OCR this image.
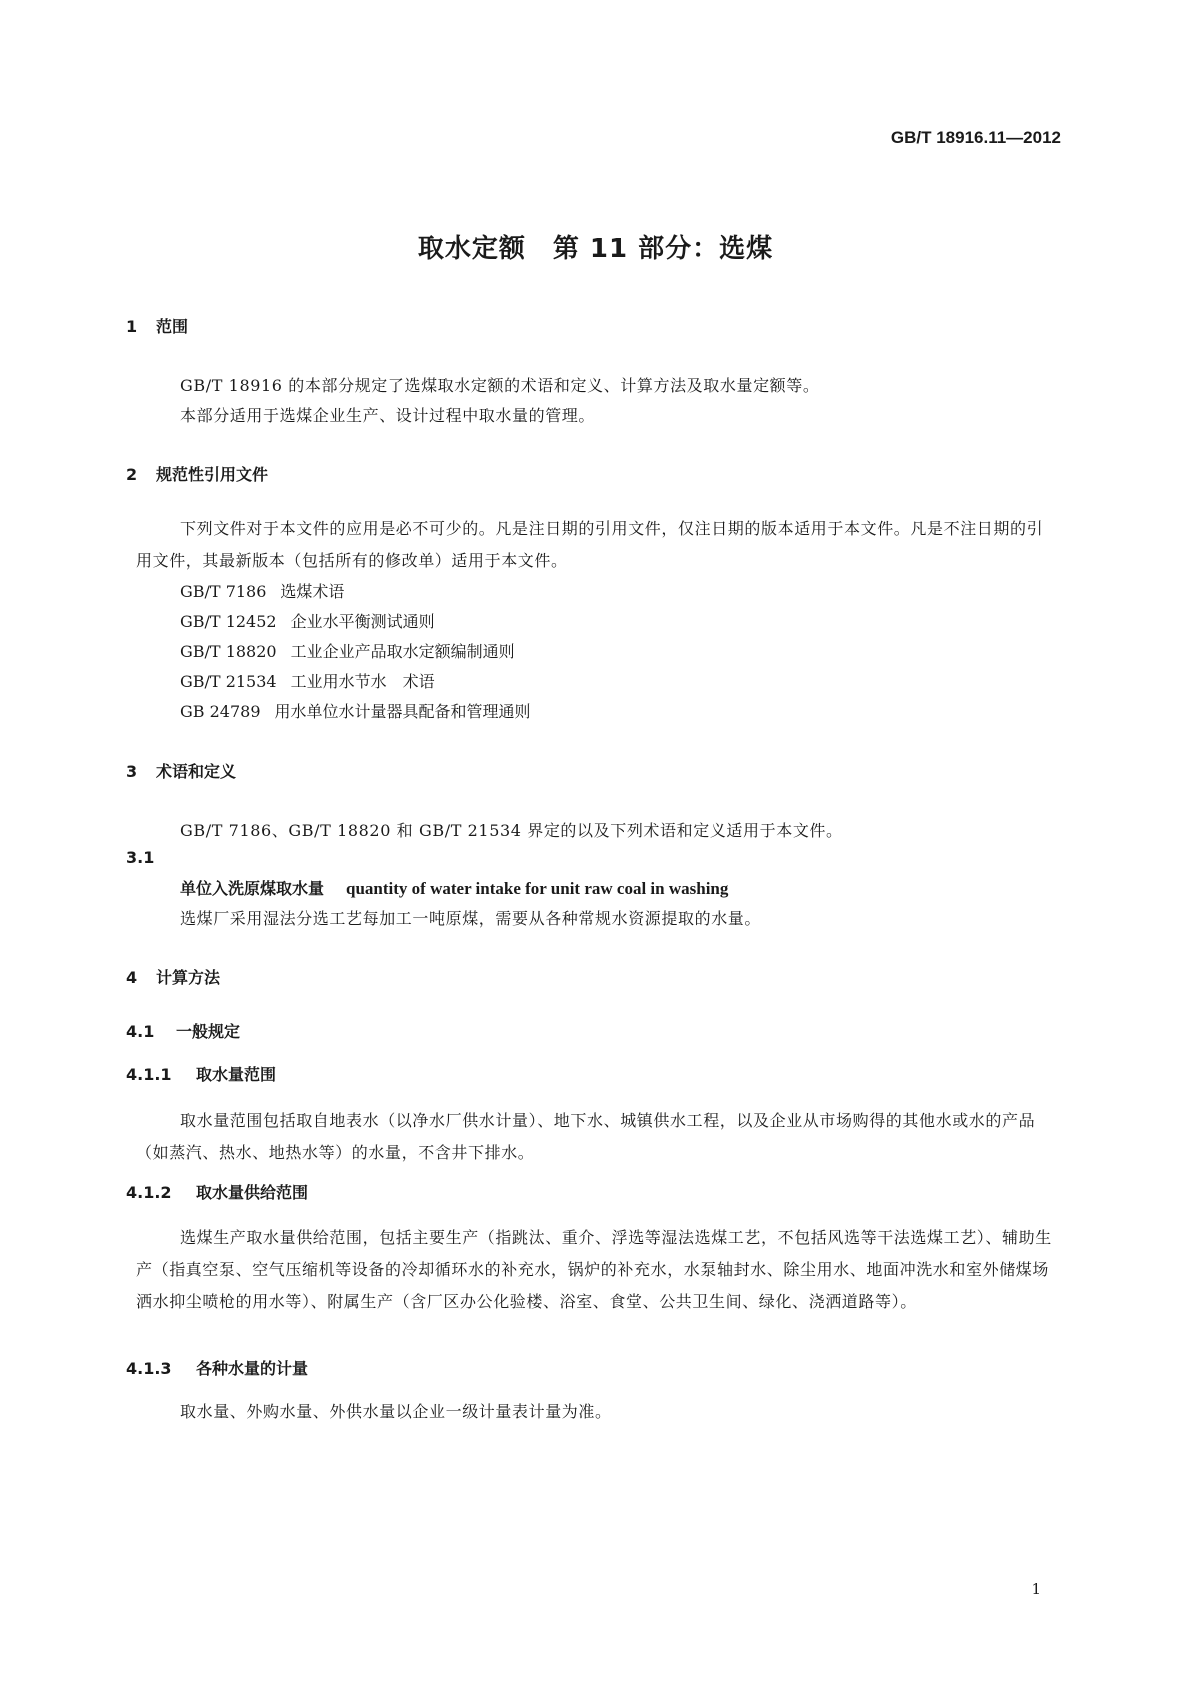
GB/T 18916.11—2012
取水定额　第 11 部分：选煤
1 范围
GB/T 18916 的本部分规定了选煤取水定额的术语和定义、计算方法及取水量定额等。
本部分适用于选煤企业生产、设计过程中取水量的管理。
2 规范性引用文件
下列文件对于本文件的应用是必不可少的。凡是注日期的引用文件，仅注日期的版本适用于本文件。凡是不注日期的引用文件，其最新版本（包括所有的修改单）适用于本文件。
GB/T 7186 选煤术语
GB/T 12452 企业水平衡测试通则
GB/T 18820 工业企业产品取水定额编制通则
GB/T 21534 工业用水节水　术语
GB 24789 用水单位水计量器具配备和管理通则
3 术语和定义
GB/T 7186、GB/T 18820 和 GB/T 21534 界定的以及下列术语和定义适用于本文件。
3.1
单位入洗原煤取水量 quantity of water intake for unit raw coal in washing
选煤厂采用湿法分选工艺每加工一吨原煤，需要从各种常规水资源提取的水量。
4 计算方法
4.1 一般规定
4.1.1 取水量范围
取水量范围包括取自地表水（以净水厂供水计量）、地下水、城镇供水工程，以及企业从市场购得的其他水或水的产品（如蒸汽、热水、地热水等）的水量，不含井下排水。
4.1.2 取水量供给范围
选煤生产取水量供给范围，包括主要生产（指跳汰、重介、浮选等湿法选煤工艺，不包括风选等干法选煤工艺）、辅助生产（指真空泵、空气压缩机等设备的冷却循环水的补充水，锅炉的补充水，水泵轴封水、除尘用水、地面冲洗水和室外储煤场洒水抑尘喷枪的用水等）、附属生产（含厂区办公化验楼、浴室、食堂、公共卫生间、绿化、浇洒道路等）。
4.1.3 各种水量的计量
取水量、外购水量、外供水量以企业一级计量表计量为准。
1
